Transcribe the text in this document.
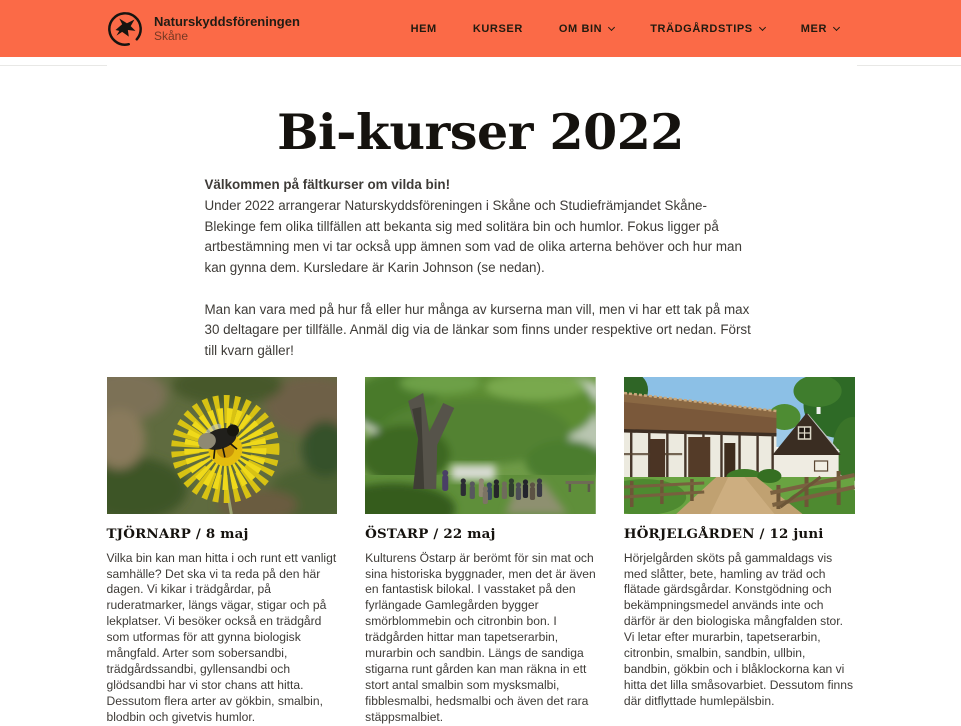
Naturskyddsföreningen
Skåne
HEM	KURSER	OM BIN	TRÄDGÅRDSTIPS	MER
Bi-kurser 2022

Välkommen på fältkurser om vilda bin!

Under 2022 arrangerar Naturskyddsföreningen i Skåne och Studiefrämjandet Skåne-Blekinge fem olika tillfällen att bekanta sig med solitära bin och humlor. Fokus ligger på artbestämning men vi tar också upp ämnen som vad de olika arterna behöver och hur man kan gynna dem. Kursledare är Karin Johnson (se nedan).

Man kan vara med på hur få eller hur många av kurserna man vill, men vi har ett tak på max 30 deltagare per tillfälle. Anmäl dig via de länkar som finns under respektive ort nedan. Först till kvarn gäller!

TJÖRNARP / 8 maj

Vilka bin kan man hitta i och runt ett vanligt samhälle? Det ska vi ta reda på den här dagen. Vi kikar i trädgårdar, på ruderatmarker, längs vägar, stigar och på lekplatser. Vi besöker också en trädgård som utformas för att gynna biologisk mångfald. Arter som sobersandbi, trädgårdssandbi, gyllensandbi och glödsandbi har vi stor chans att hitta. Dessutom flera arter av gökbin, smalbin, blodbin och givetvis humlor.

ÖSTARP / 22 maj

Kulturens Östarp är berömt för sin mat och sina historiska byggnader, men det är även en fantastisk bilokal. I vasstaket på den fyrlängade Gamlegården bygger smörblommebin och citronbin bon. I trädgården hittar man tapetserarbin, murarbin och sandbin. Längs de sandiga stigarna runt gården kan man räkna in ett stort antal smalbin som mysksmalbi, fibblesmalbi, hedsmalbi och även det rara stäppsmalbiet.

HÖRJELGÅRDEN / 12 juni

Hörjelgården sköts på gammaldags vis med slåtter, bete, hamling av träd och flätade gärdsgårdar. Konstgödning och bekämpningsmedel används inte och därför är den biologiska mångfalden stor. Vi letar efter murarbin, tapetserarbin, citronbin, smalbin, sandbin, ullbin, bandbin, gökbin och i blåklockorna kan vi hitta det lilla småsovarbiet. Dessutom finns där ditflyttade humlepälsbin.
